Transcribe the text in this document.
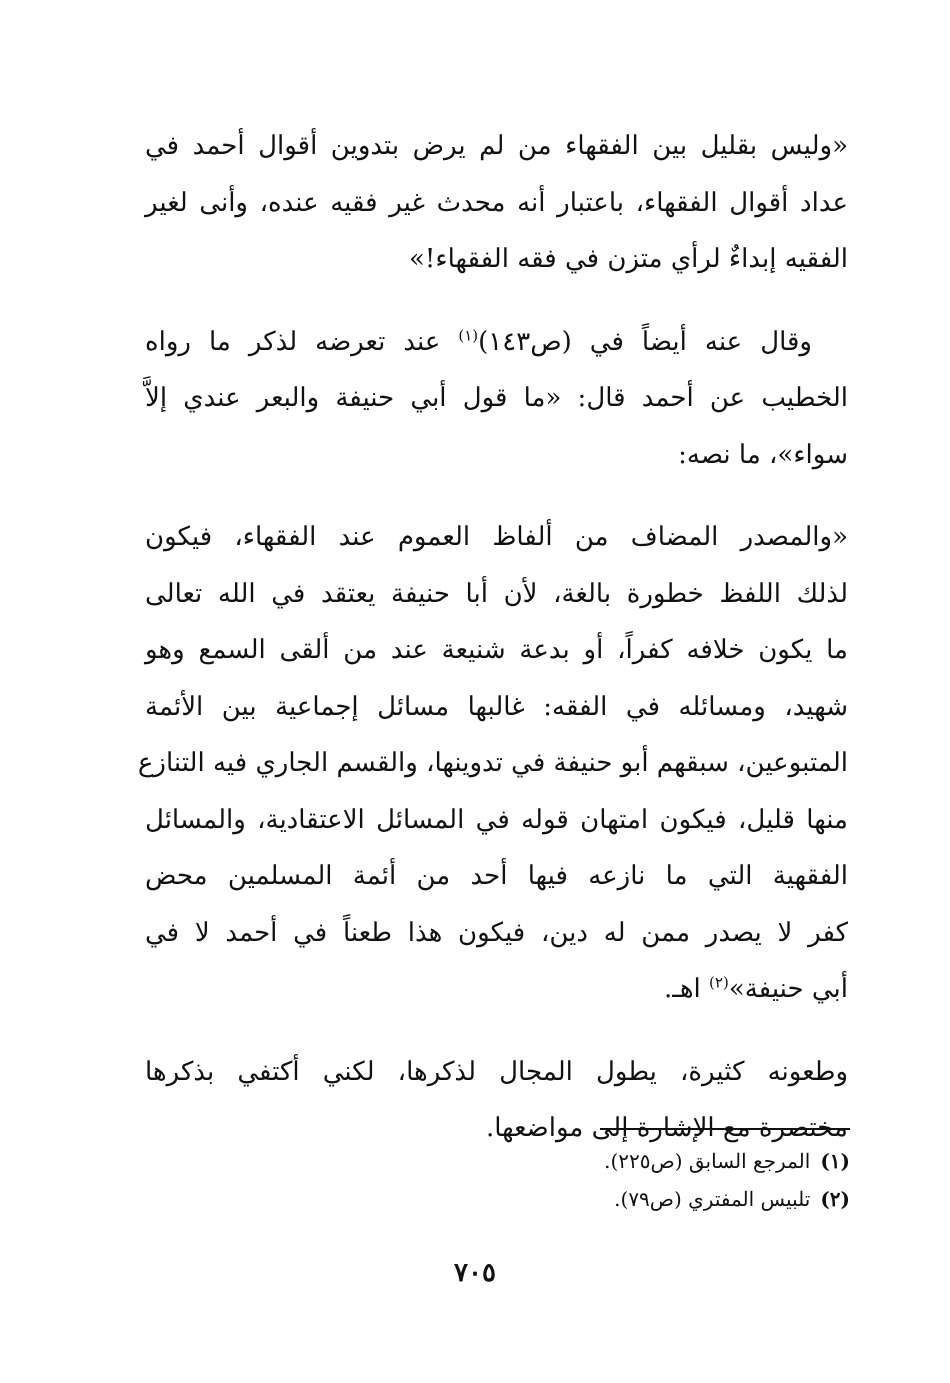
«وليس بقليل بين الفقهاء من لم يرض بتدوين أقوال أحمد في
عداد أقوال الفقهاء، باعتبار أنه محدث غير فقيه عنده، وأنى لغير
الفقيه إبداءٌ لرأي متزن في فقه الفقهاء!»

وقال عنه أيضاً في (ص١٤٣)$^{(١)}$ عند تعرضه لذكر ما رواه
الخطيب عن أحمد قال: «ما قول أبي حنيفة والبعر عندي إلاَّ
سواء»، ما نصه:

«والمصدر المضاف من ألفاظ العموم عند الفقهاء، فيكون
لذلك اللفظ خطورة بالغة، لأن أبا حنيفة يعتقد في الله تعالى
ما يكون خلافه كفراً، أو بدعة شنيعة عند من ألقى السمع وهو
شهيد، ومسائله في الفقه: غالبها مسائل إجماعية بين الأئمة
المتبوعين، سبقهم أبو حنيفة في تدوينها، والقسم الجاري فيه التنازع
منها قليل، فيكون امتهان قوله في المسائل الاعتقادية، والمسائل
الفقهية التي ما نازعه فيها أحد من أئمة المسلمين محض
كفر لا يصدر ممن له دين، فيكون هذا طعناً في أحمد لا في
أبي حنيفة»$^{(٢)}$ اهـ.

وطعونه كثيرة، يطول المجال لذكرها، لكني أكتفي بذكرها
مختصرة مع الإشارة إلى مواضعها.

(١)المرجع السابق (ص٢٢٥).
(٢)تلبيس المفتري (ص٧٩).
٧٠٥
